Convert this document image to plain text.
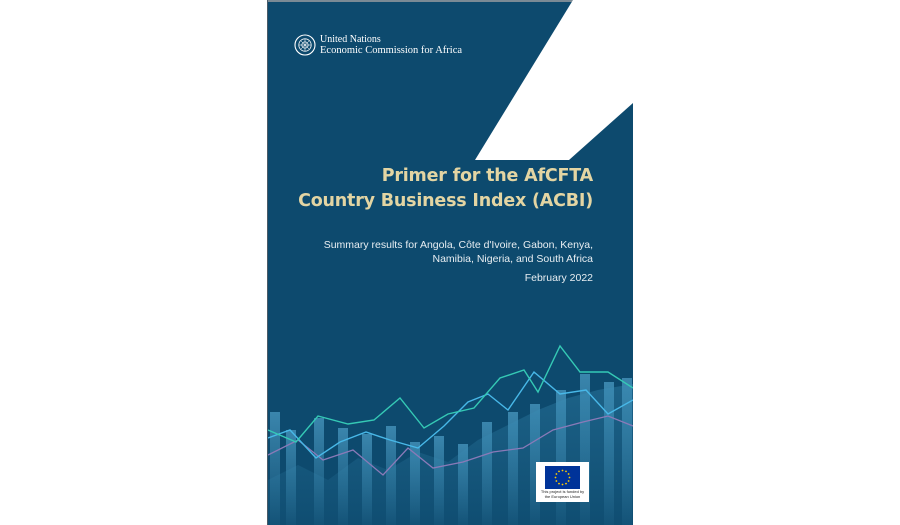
United Nations
Economic Commission for Africa
Primer for the AfCFTA
Country Business Index (ACBI)
Summary results for Angola, Côte d'Ivoire, Gabon, Kenya,
Namibia, Nigeria, and South Africa
February 2022
This project is funded by
the European Union
